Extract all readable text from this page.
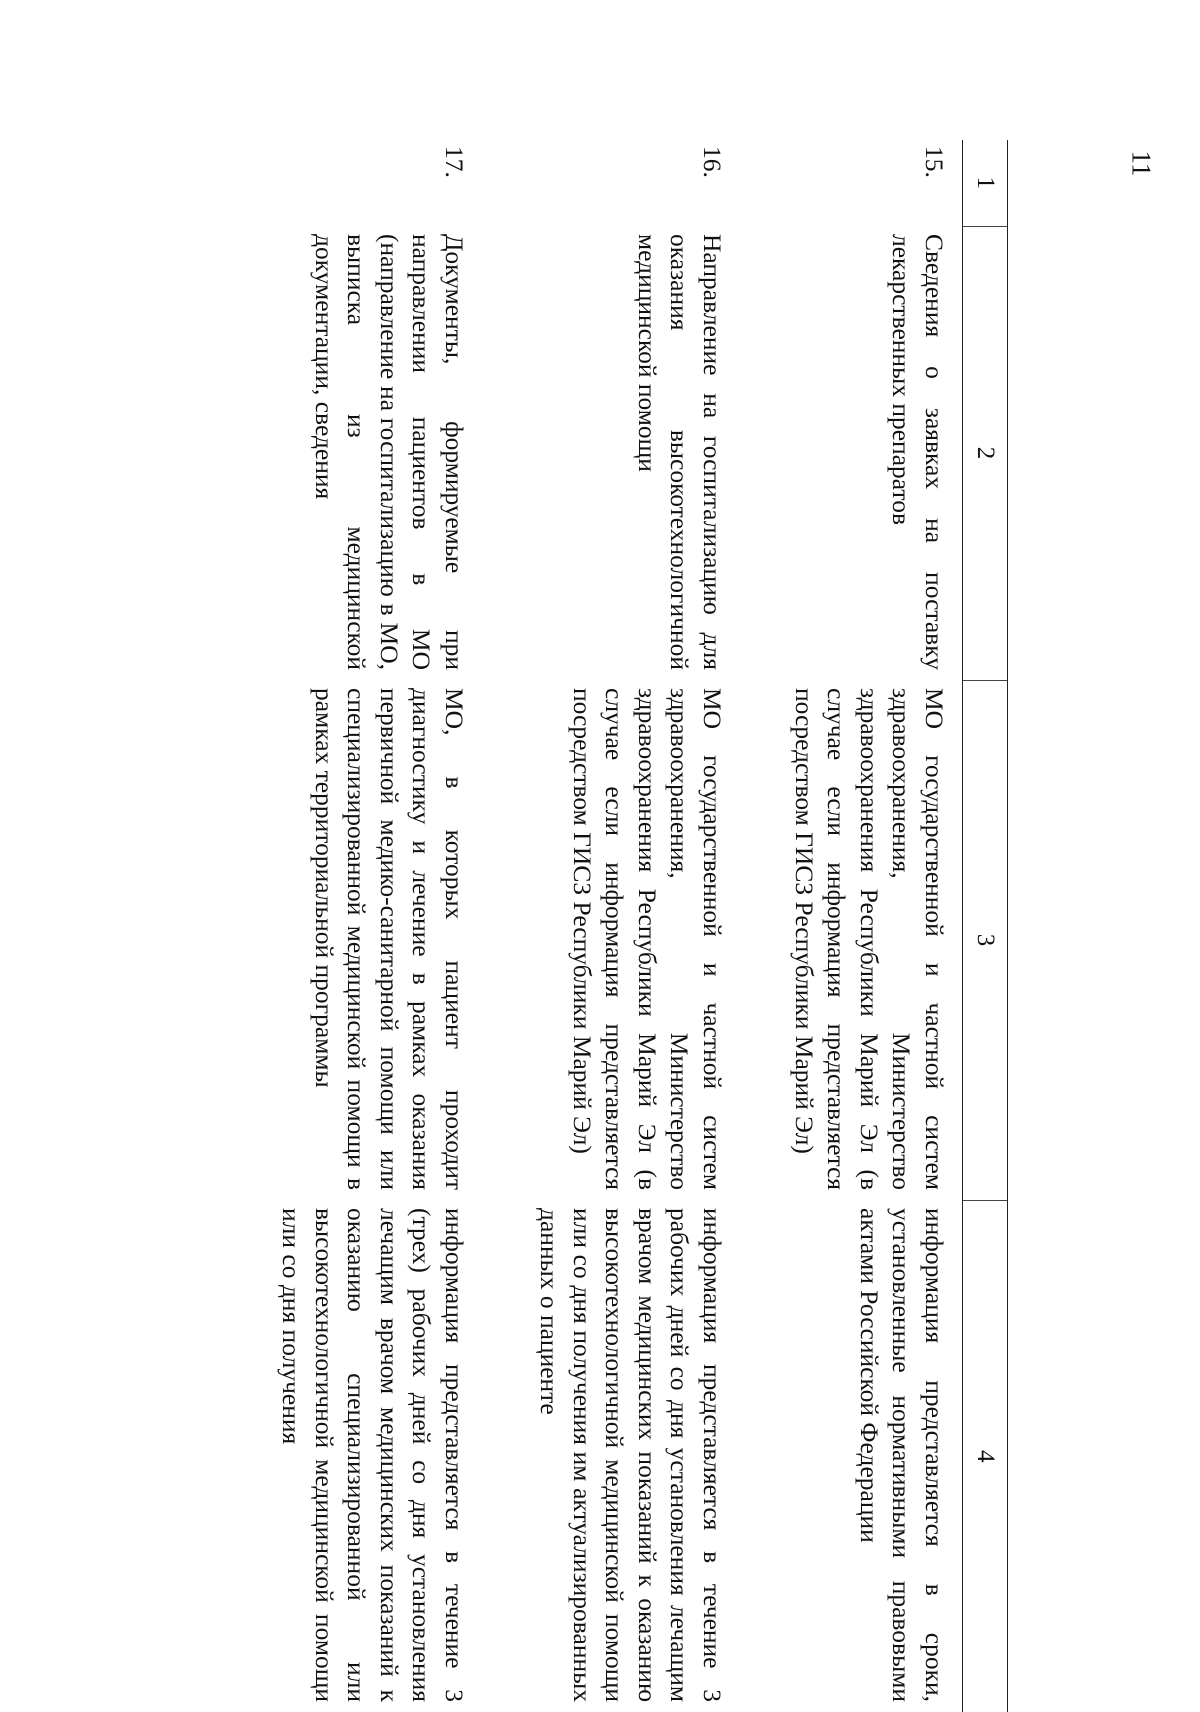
11
1	2	3	4
15.	Сведения о заявках на поставку лекарственных препаратов	МО государственной и частной систем здравоохранения, Министерство здравоохранения Республики Марий Эл (в случае если информация представляется посредством ГИСЗ Республики Марий Эл)	информация представляется в сроки, установленные нормативными правовыми актами Российской Федерации
16.	Направление на госпитализацию для оказания высокотехнологичной медицинской помощи	МО государственной и частной систем здравоохранения, Министерство здравоохранения Республики Марий Эл (в случае если информация представляется посредством ГИСЗ Республики Марий Эл)	информация представляется в течение 3 рабочих дней со дня установления лечащим врачом медицинских показаний к оказанию высокотехнологичной медицинской помощи или со дня получения им актуализированных данных о пациенте
17.	Документы, формируемые при направлении пациентов в МО (направление на госпитализацию в МО, выписка из медицинской документации, сведения	МО, в которых пациент проходит диагностику и лечение в рамках оказания первичной медико-санитарной помощи или специализированной медицинской помощи в рамках территориальной программы	информация представляется в течение 3 (трех) рабочих дней со дня установления лечащим врачом медицинских показаний к оказанию специализированной или высокотехнологичной медицинской помощи или со дня получения
